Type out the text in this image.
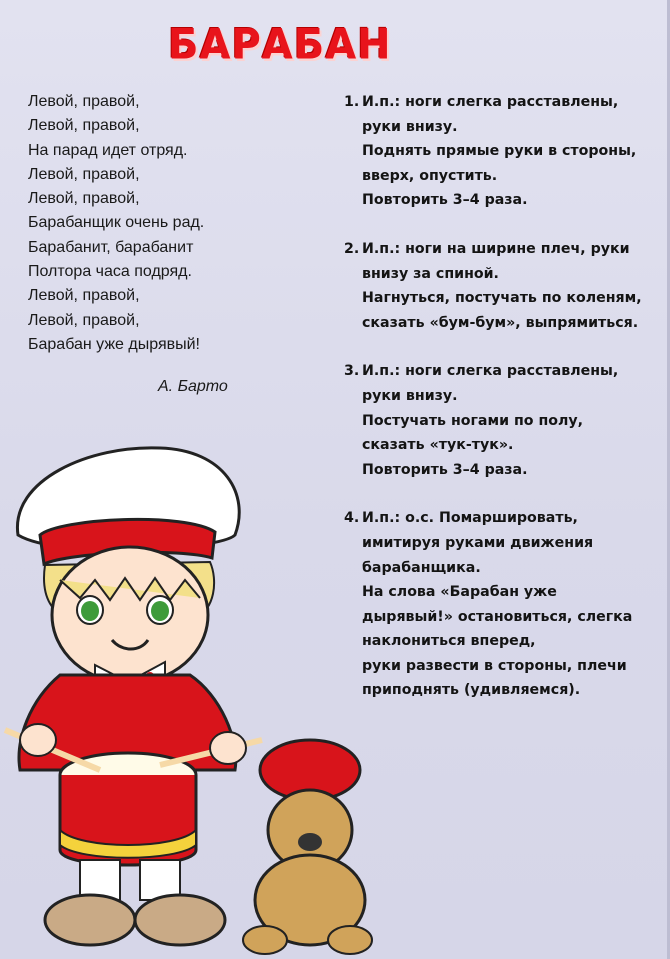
БАРАБАН
Левой, правой,
Левой, правой,
На парад идет отряд.
Левой, правой,
Левой, правой,
Барабанщик очень рад.
Барабанит, барабанит
Полтора часа подряд.
Левой, правой,
Левой, правой,
Барабан уже дырявый!
А. Барто
1. И.п.: ноги слегка расставлены,
руки внизу.
Поднять прямые руки в стороны,
вверх, опустить.
Повторить 3–4 раза.
2. И.п.: ноги на ширине плеч, руки
внизу за спиной.
Нагнуться, постучать по коленям,
сказать «бум-бум», выпрямиться.
3. И.п.: ноги слегка расставлены,
руки внизу.
Постучать ногами по полу,
сказать «тук-тук».
Повторить 3–4 раза.
4. И.п.: о.с. Помаршировать,
имитируя руками движения
барабанщика.
На слова «Барабан уже
дырявый!» остановиться, слегка
наклониться вперед,
руки развести в стороны, плечи
приподнять (удивляемся).
